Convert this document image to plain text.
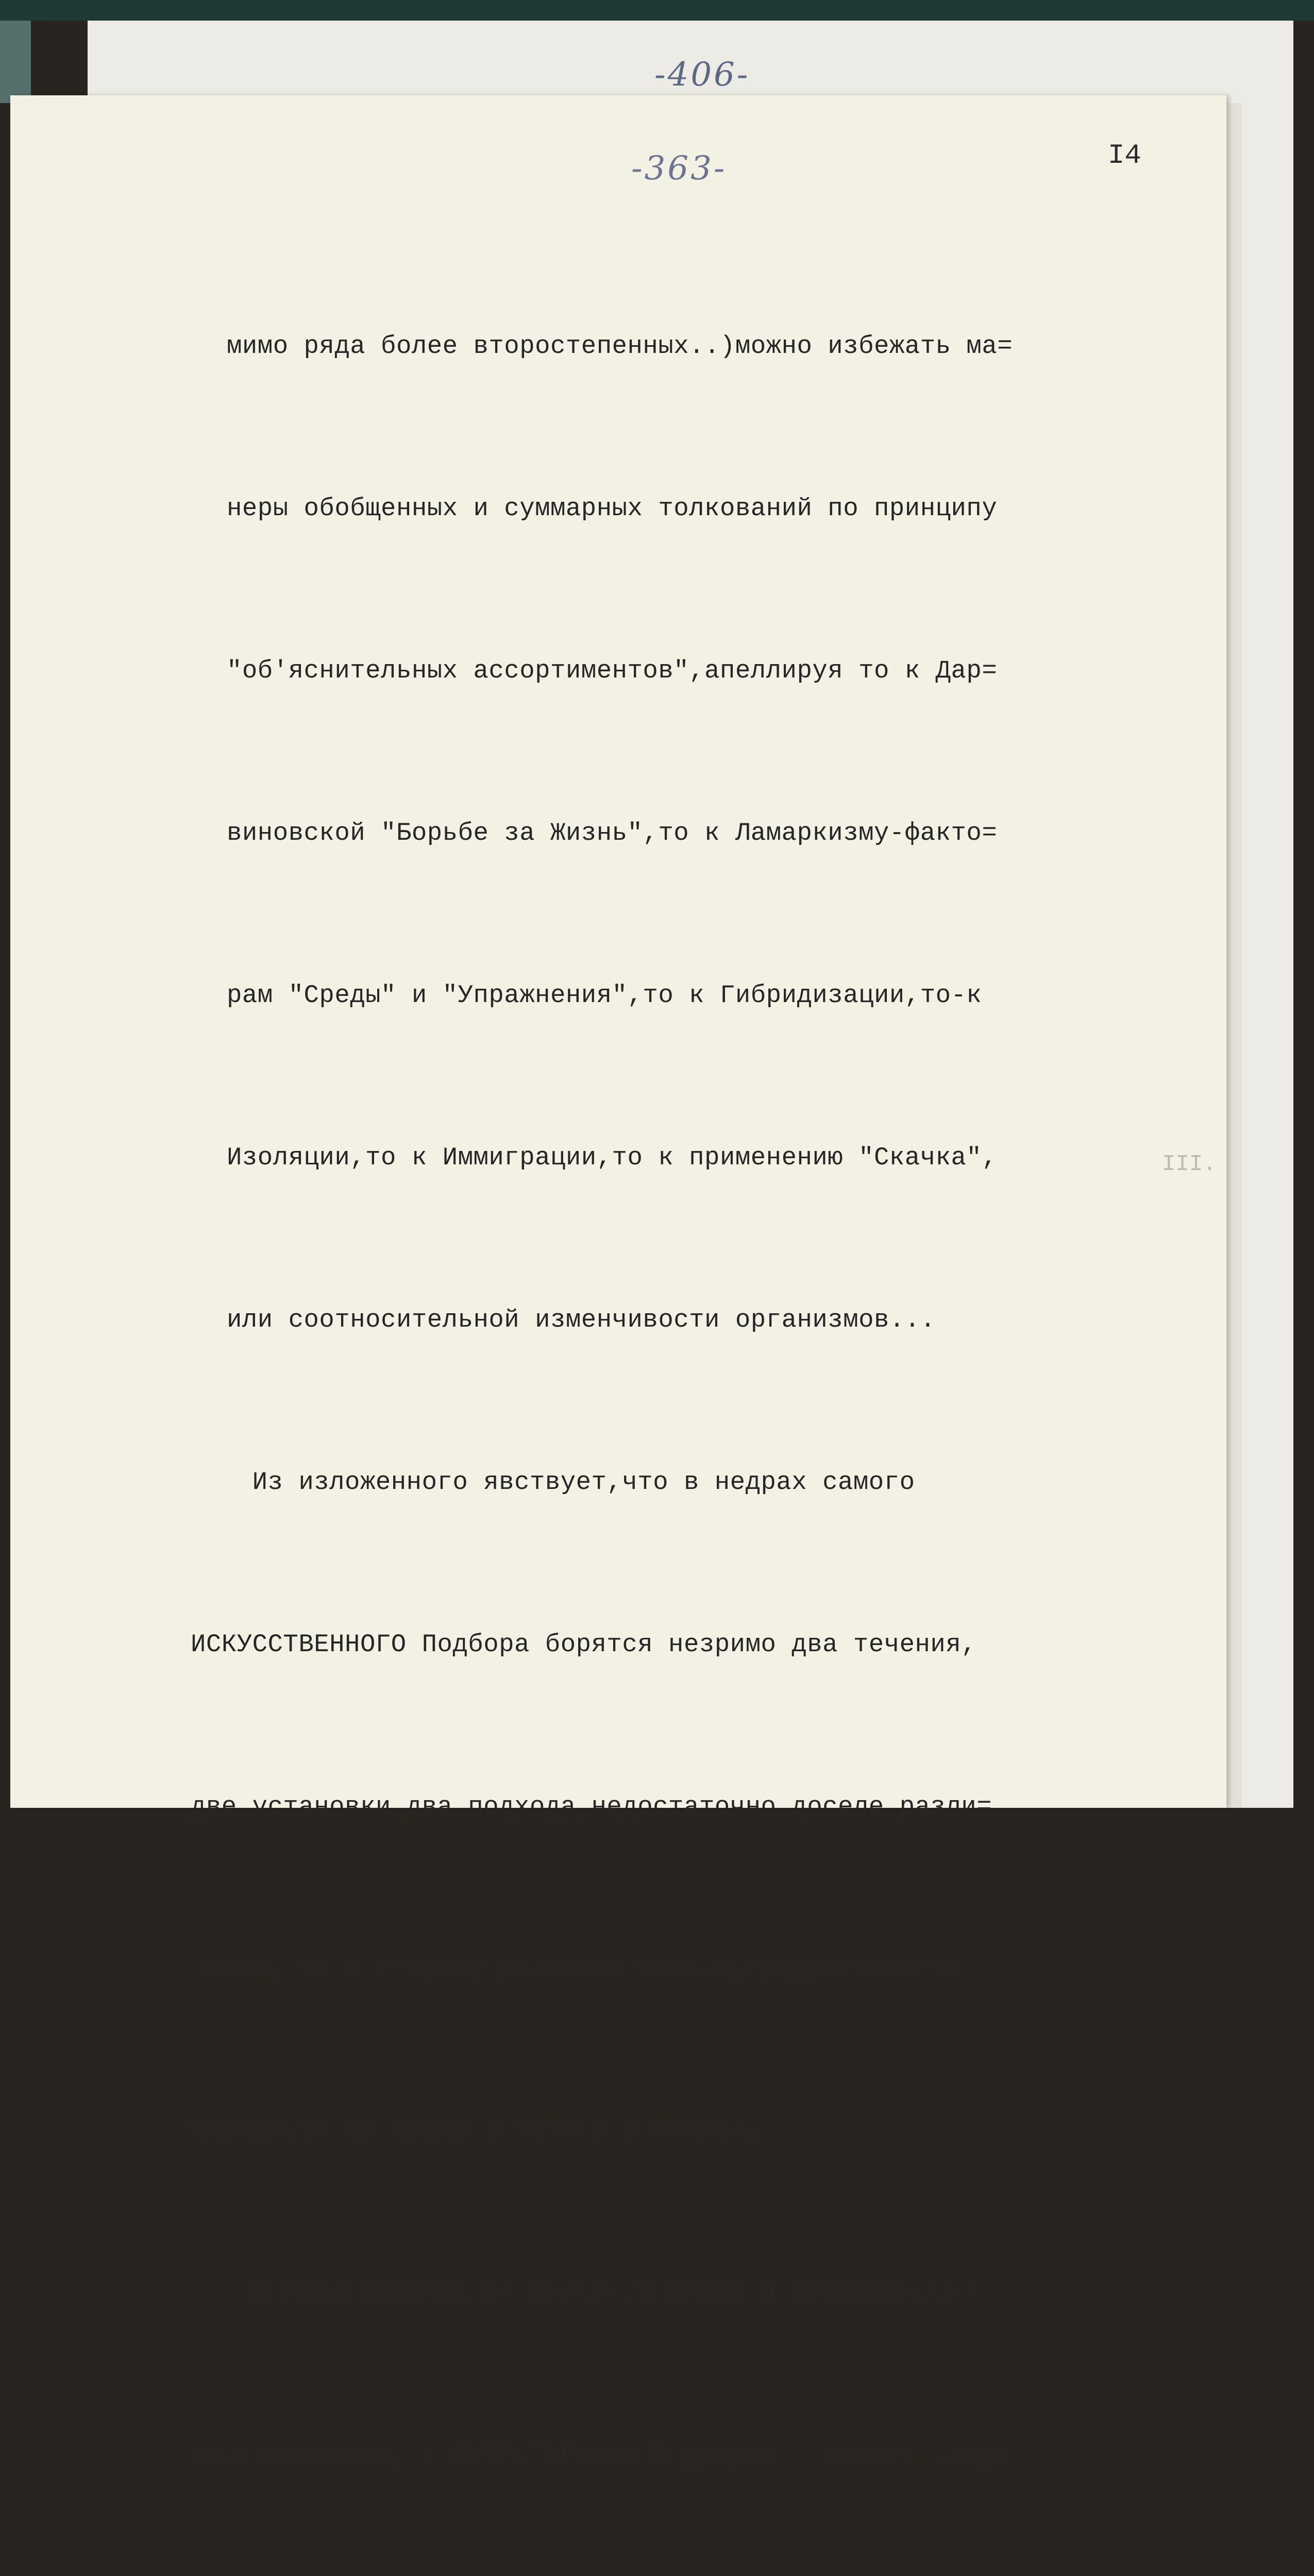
-406-
-363-	I4
III.

мимо ряда более второстепенных..)можно избежать ма=

неры обобщенных и суммарных толкований по принципу

"об'яснительных ассортиментов",апеллируя то к Дар=

виновской "Борьбе за Жизнь",то к Ламаркизму-факто=

рам "Среды" и "Упражнения",то к Гибридизации,то-к

Изоляции,то к Иммиграции,то к применению "Скачка",

или соотносительной изменчивости организмов...

Из изложенного явствует,что в недрах самого

ИСКУССТВЕННОГО Подбора борятся незримо два течения,

две установки,два подхода,недостаточно доселе разли=

чимые, то в сторону реальной пользы,продуктивности

породы,то по линии эстетики и спорта.

И сопоставлять их вместе,в целом и суммарно,без

разграничения, с ЕСТЕСТВЕННЫМ Подбором - значит зату=
